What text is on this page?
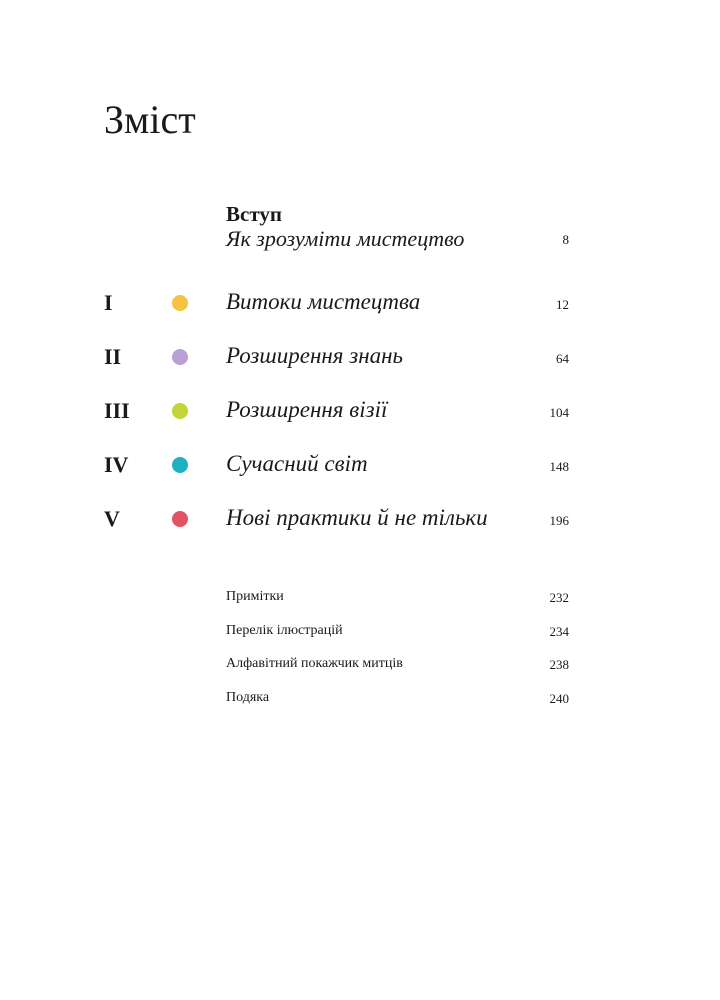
Зміст
Вступ
Як зрозуміти мистецтво	8
I	Витоки мистецтва	12
II	Розширення знань	64
III	Розширення візії	104
IV	Сучасний світ	148
V	Нові практики й не тільки	196
Примітки	232
Перелік ілюстрацій	234
Алфавітний покажчик митців	238
Подяка	240
